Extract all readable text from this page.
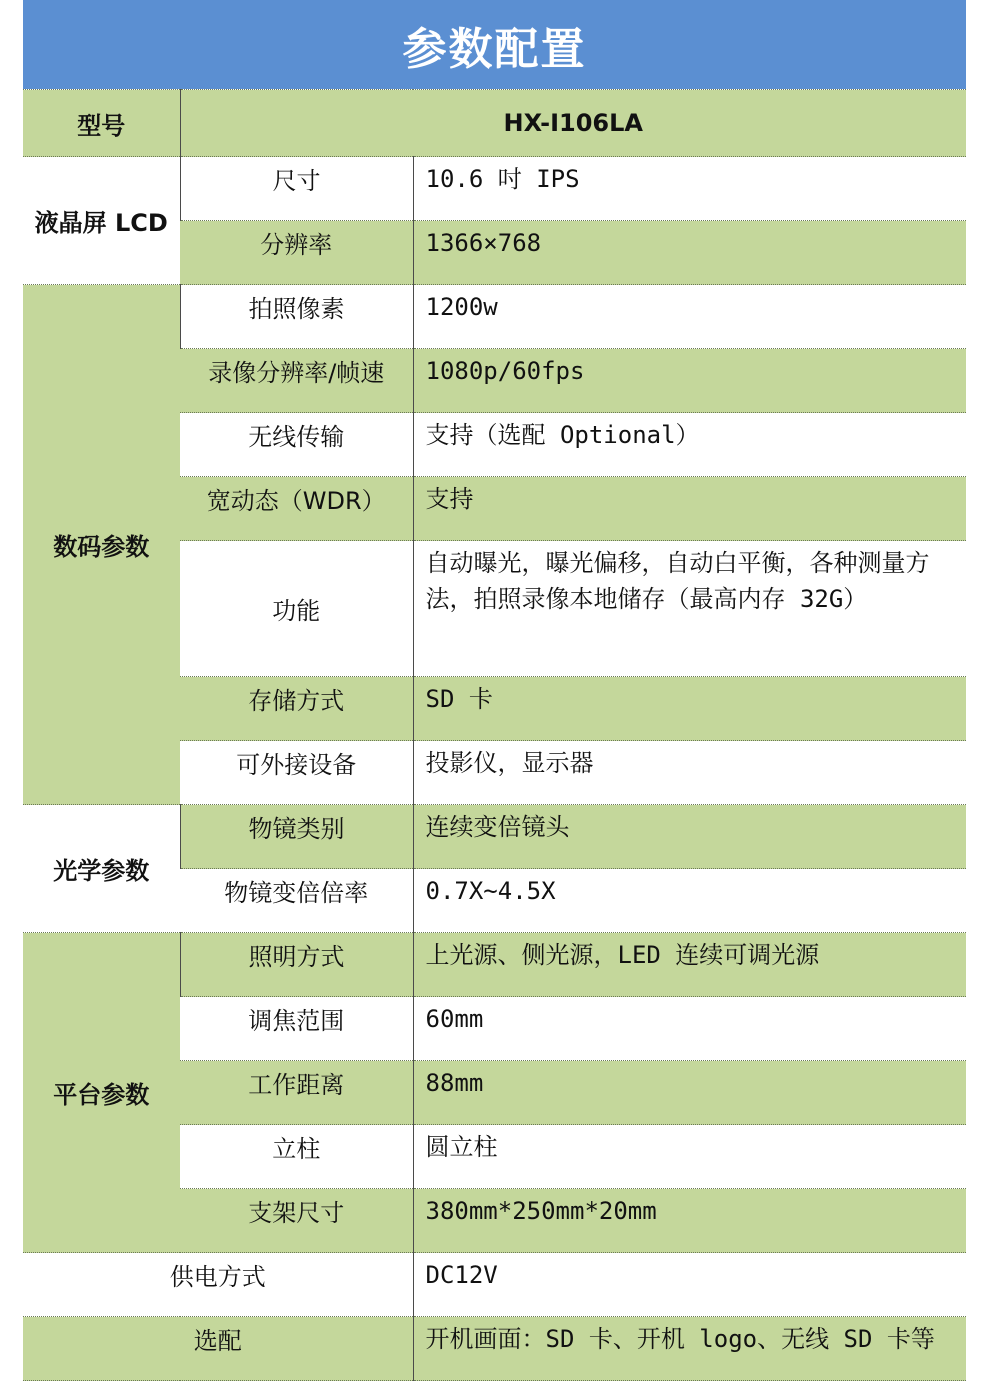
参数配置
型号	HX-I106LA	
液晶屏 LCD	尺寸	10.6 吋 IPS
	分辨率	1366×768
数码参数	拍照像素	1200w
	录像分辨率/帧速	1080p/60fps
	无线传输	支持（选配 Optional）
	宽动态（WDR）	支持
	功能	自动曝光，曝光偏移，自动白平衡，各种测量方法，拍照录像本地储存（最高内存 32G）
	存储方式	SD 卡
	可外接设备	投影仪，显示器
光学参数	物镜类别	连续变倍镜头
	物镜变倍倍率	0.7X~4.5X
平台参数	照明方式	上光源、侧光源，LED 连续可调光源
	调焦范围	60mm
	工作距离	88mm
	立柱	圆立柱
	支架尺寸	380mm*250mm*20mm
供电方式		DC12V
选配		开机画面：SD 卡、开机 logo、无线 SD 卡等
